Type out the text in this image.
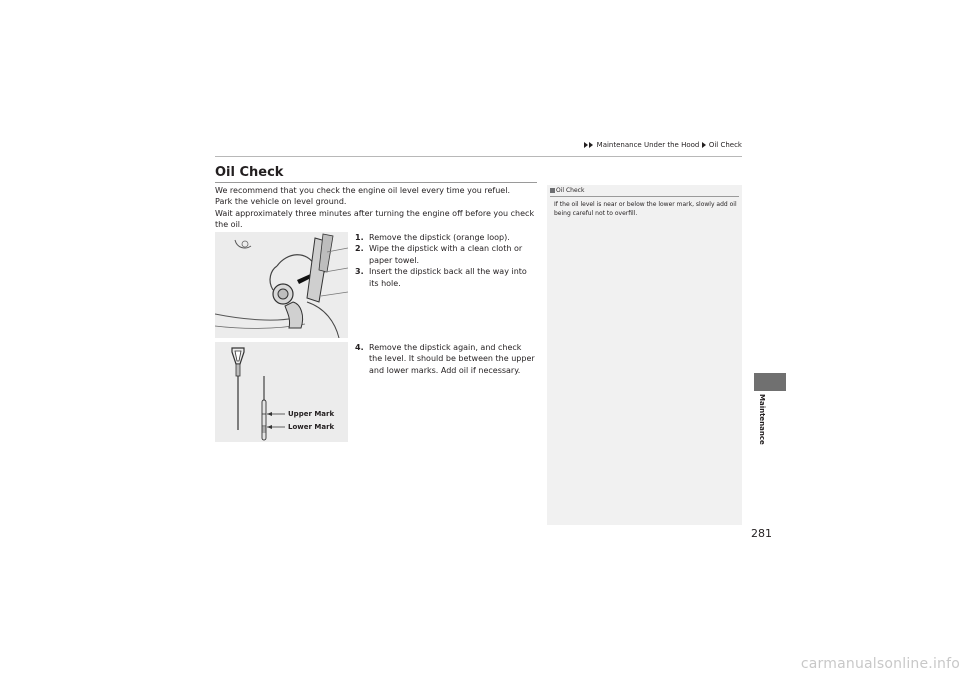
Maintenance Under the Hood Oil Check
Oil Check

We recommend that you check the engine oil level every time you refuel.

Park the vehicle on level ground.

Wait approximately three minutes after turning the engine off before you check the oil.

1. Remove the dipstick (orange loop).

2. Wipe the dipstick with a clean cloth or paper towel.

3. Insert the dipstick back all the way into its hole.

Upper Mark
Lower Mark

4. Remove the dipstick again, and check the level. It should be between the upper and lower marks. Add oil if necessary.

Oil Check
If the oil level is near or below the lower mark, slowly add oil being careful not to overfill.
Maintenance
281
carmanualsonline.info
